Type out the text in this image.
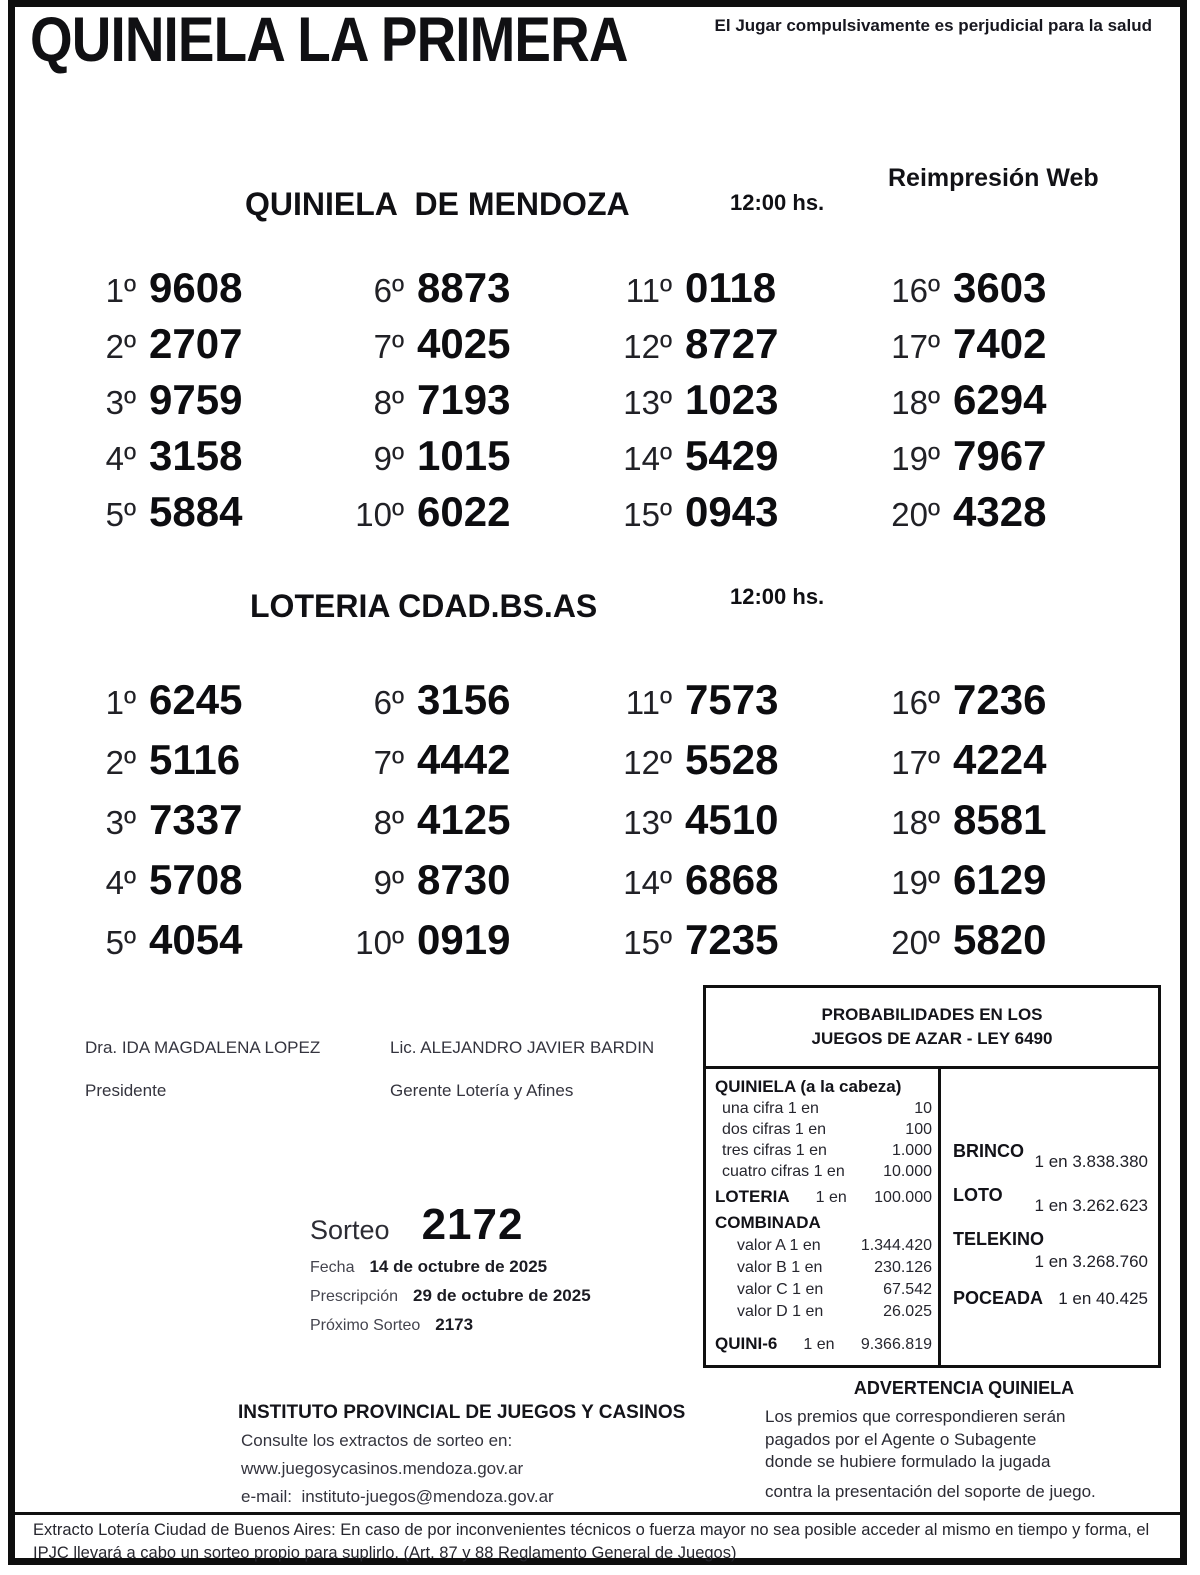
QUINIELA LA PRIMERA	El Jugar compulsivamente es perjudicial para la salud
Reimpresión Web
QUINIELA  DE MENDOZA	12:00 hs.
1º 9608
2º 2707
3º 9759
4º 3158
5º 5884
6º 8873
7º 4025
8º 7193
9º 1015
10º 6022
11º 0118
12º 8727
13º 1023
14º 5429
15º 0943
16º 3603
17º 7402
18º 6294
19º 7967
20º 4328
LOTERIA CDAD.BS.AS	12:00 hs.
1º 6245
2º 5116
3º 7337
4º 5708
5º 4054
6º 3156
7º 4442
8º 4125
9º 8730
10º 0919
11º 7573
12º 5528
13º 4510
14º 6868
15º 7235
16º 7236
17º 4224
18º 8581
19º 6129
20º 5820
Dra. IDA MAGDALENA LOPEZ
Presidente
Lic. ALEJANDRO JAVIER BARDIN
Gerente Lotería y Afines
PROBABILIDADES EN LOS
JUEGOS DE AZAR - LEY 6490
QUINIELA (a la cabeza)
una cifra 1 en	10
dos cifras 1 en	100
tres cifras 1 en	1.000
cuatro cifras 1 en 10.000
LOTERIA 1 en 100.000
COMBINADA
valor A 1 en	1.344.420
valor B 1 en	230.126
valor C 1 en	67.542
valor D 1 en	26.025
QUINI-6 1 en 9.366.819
BRINCO
1 en 3.838.380
LOTO
1 en 3.262.623
TELEKINO
1 en 3.268.760
POCEADA 1 en 40.425
Sorteo 2172
Fecha 14 de octubre de 2025
Prescripción 29 de octubre de 2025
Próximo Sorteo 2173
ADVERTENCIA QUINIELA
Los premios que correspondieren serán
pagados por el Agente o Subagente
donde se hubiere formulado la jugada
contra la presentación del soporte de juego.
INSTITUTO PROVINCIAL DE JUEGOS Y CASINOS
Consulte los extractos de sorteo en:
www.juegosycasinos.mendoza.gov.ar
e-mail:  instituto-juegos@mendoza.gov.ar
Extracto Lotería Ciudad de Buenos Aires: En caso de por inconvenientes técnicos o fuerza mayor no sea posible acceder al mismo en tiempo y forma, el IPJC llevará a cabo un sorteo propio para suplirlo. (Art. 87 y 88 Reglamento General de Juegos)
